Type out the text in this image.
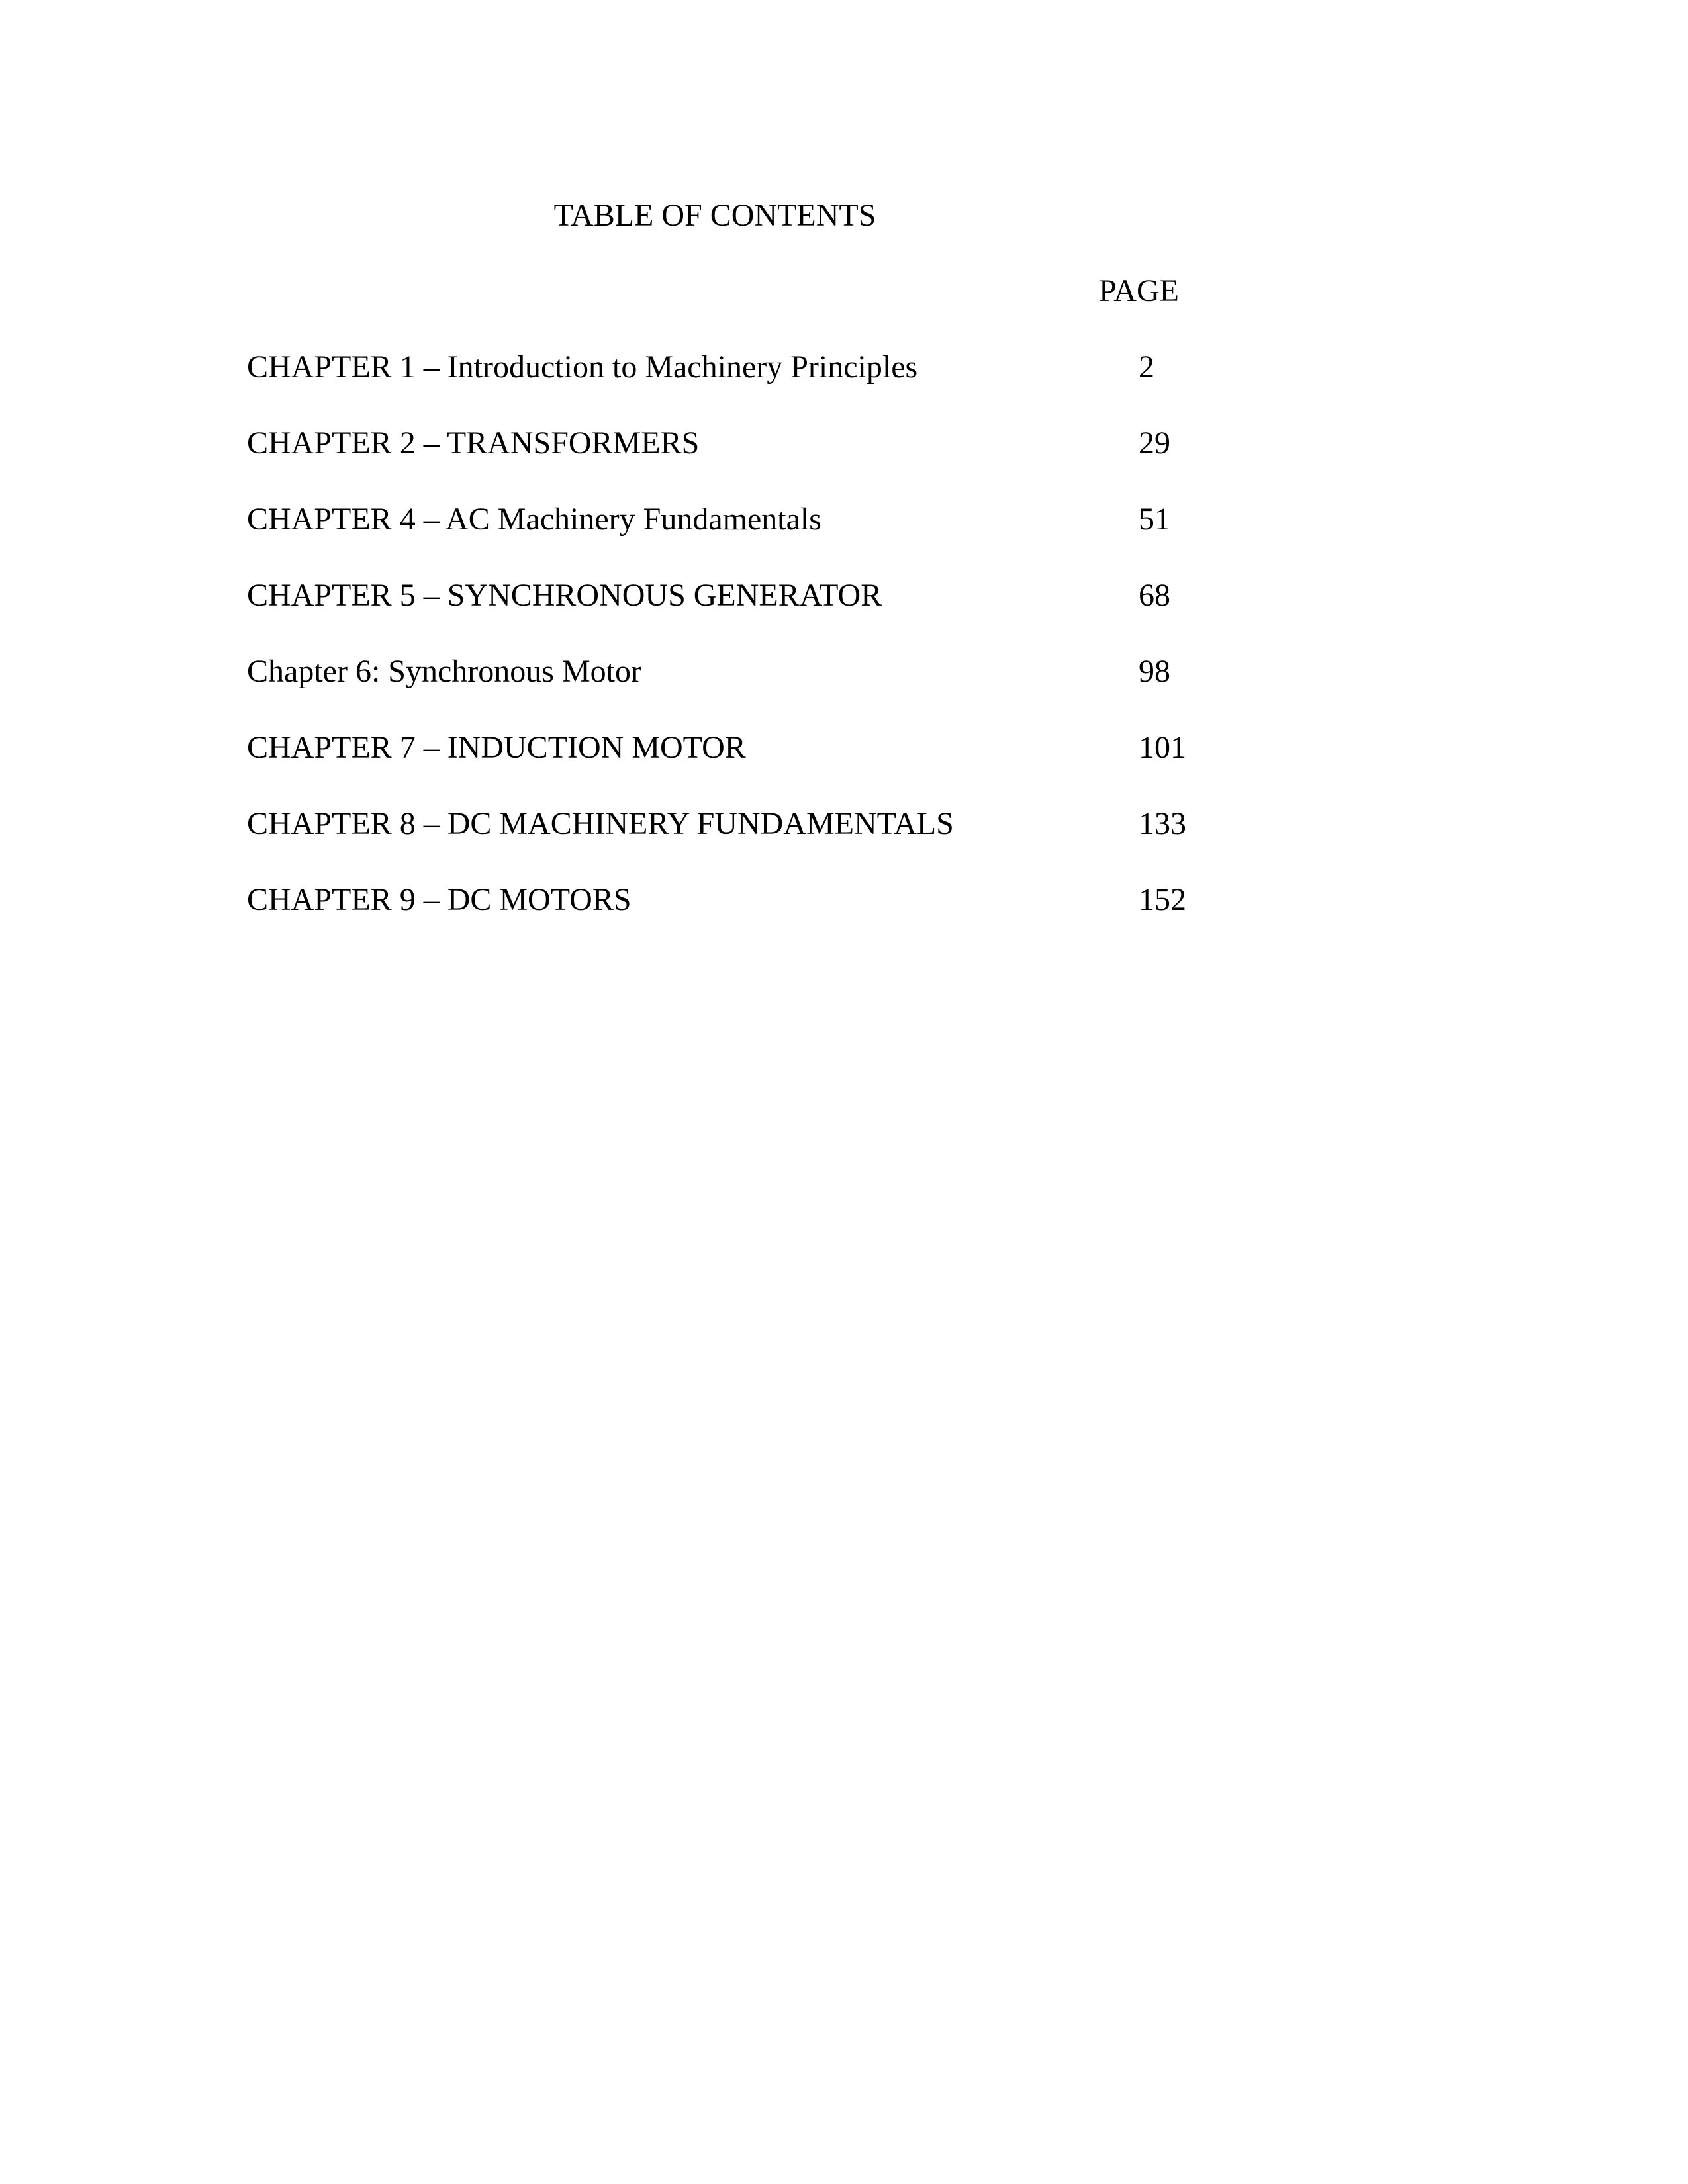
TABLE OF CONTENTS
PAGE
CHAPTER 1 – Introduction to Machinery Principles	2
CHAPTER 2 – TRANSFORMERS	29
CHAPTER 4 – AC Machinery Fundamentals	51
CHAPTER 5 – SYNCHRONOUS GENERATOR	68
Chapter 6: Synchronous Motor	98
CHAPTER 7 – INDUCTION MOTOR	101
CHAPTER 8 – DC MACHINERY FUNDAMENTALS	133
CHAPTER 9 – DC MOTORS	152
